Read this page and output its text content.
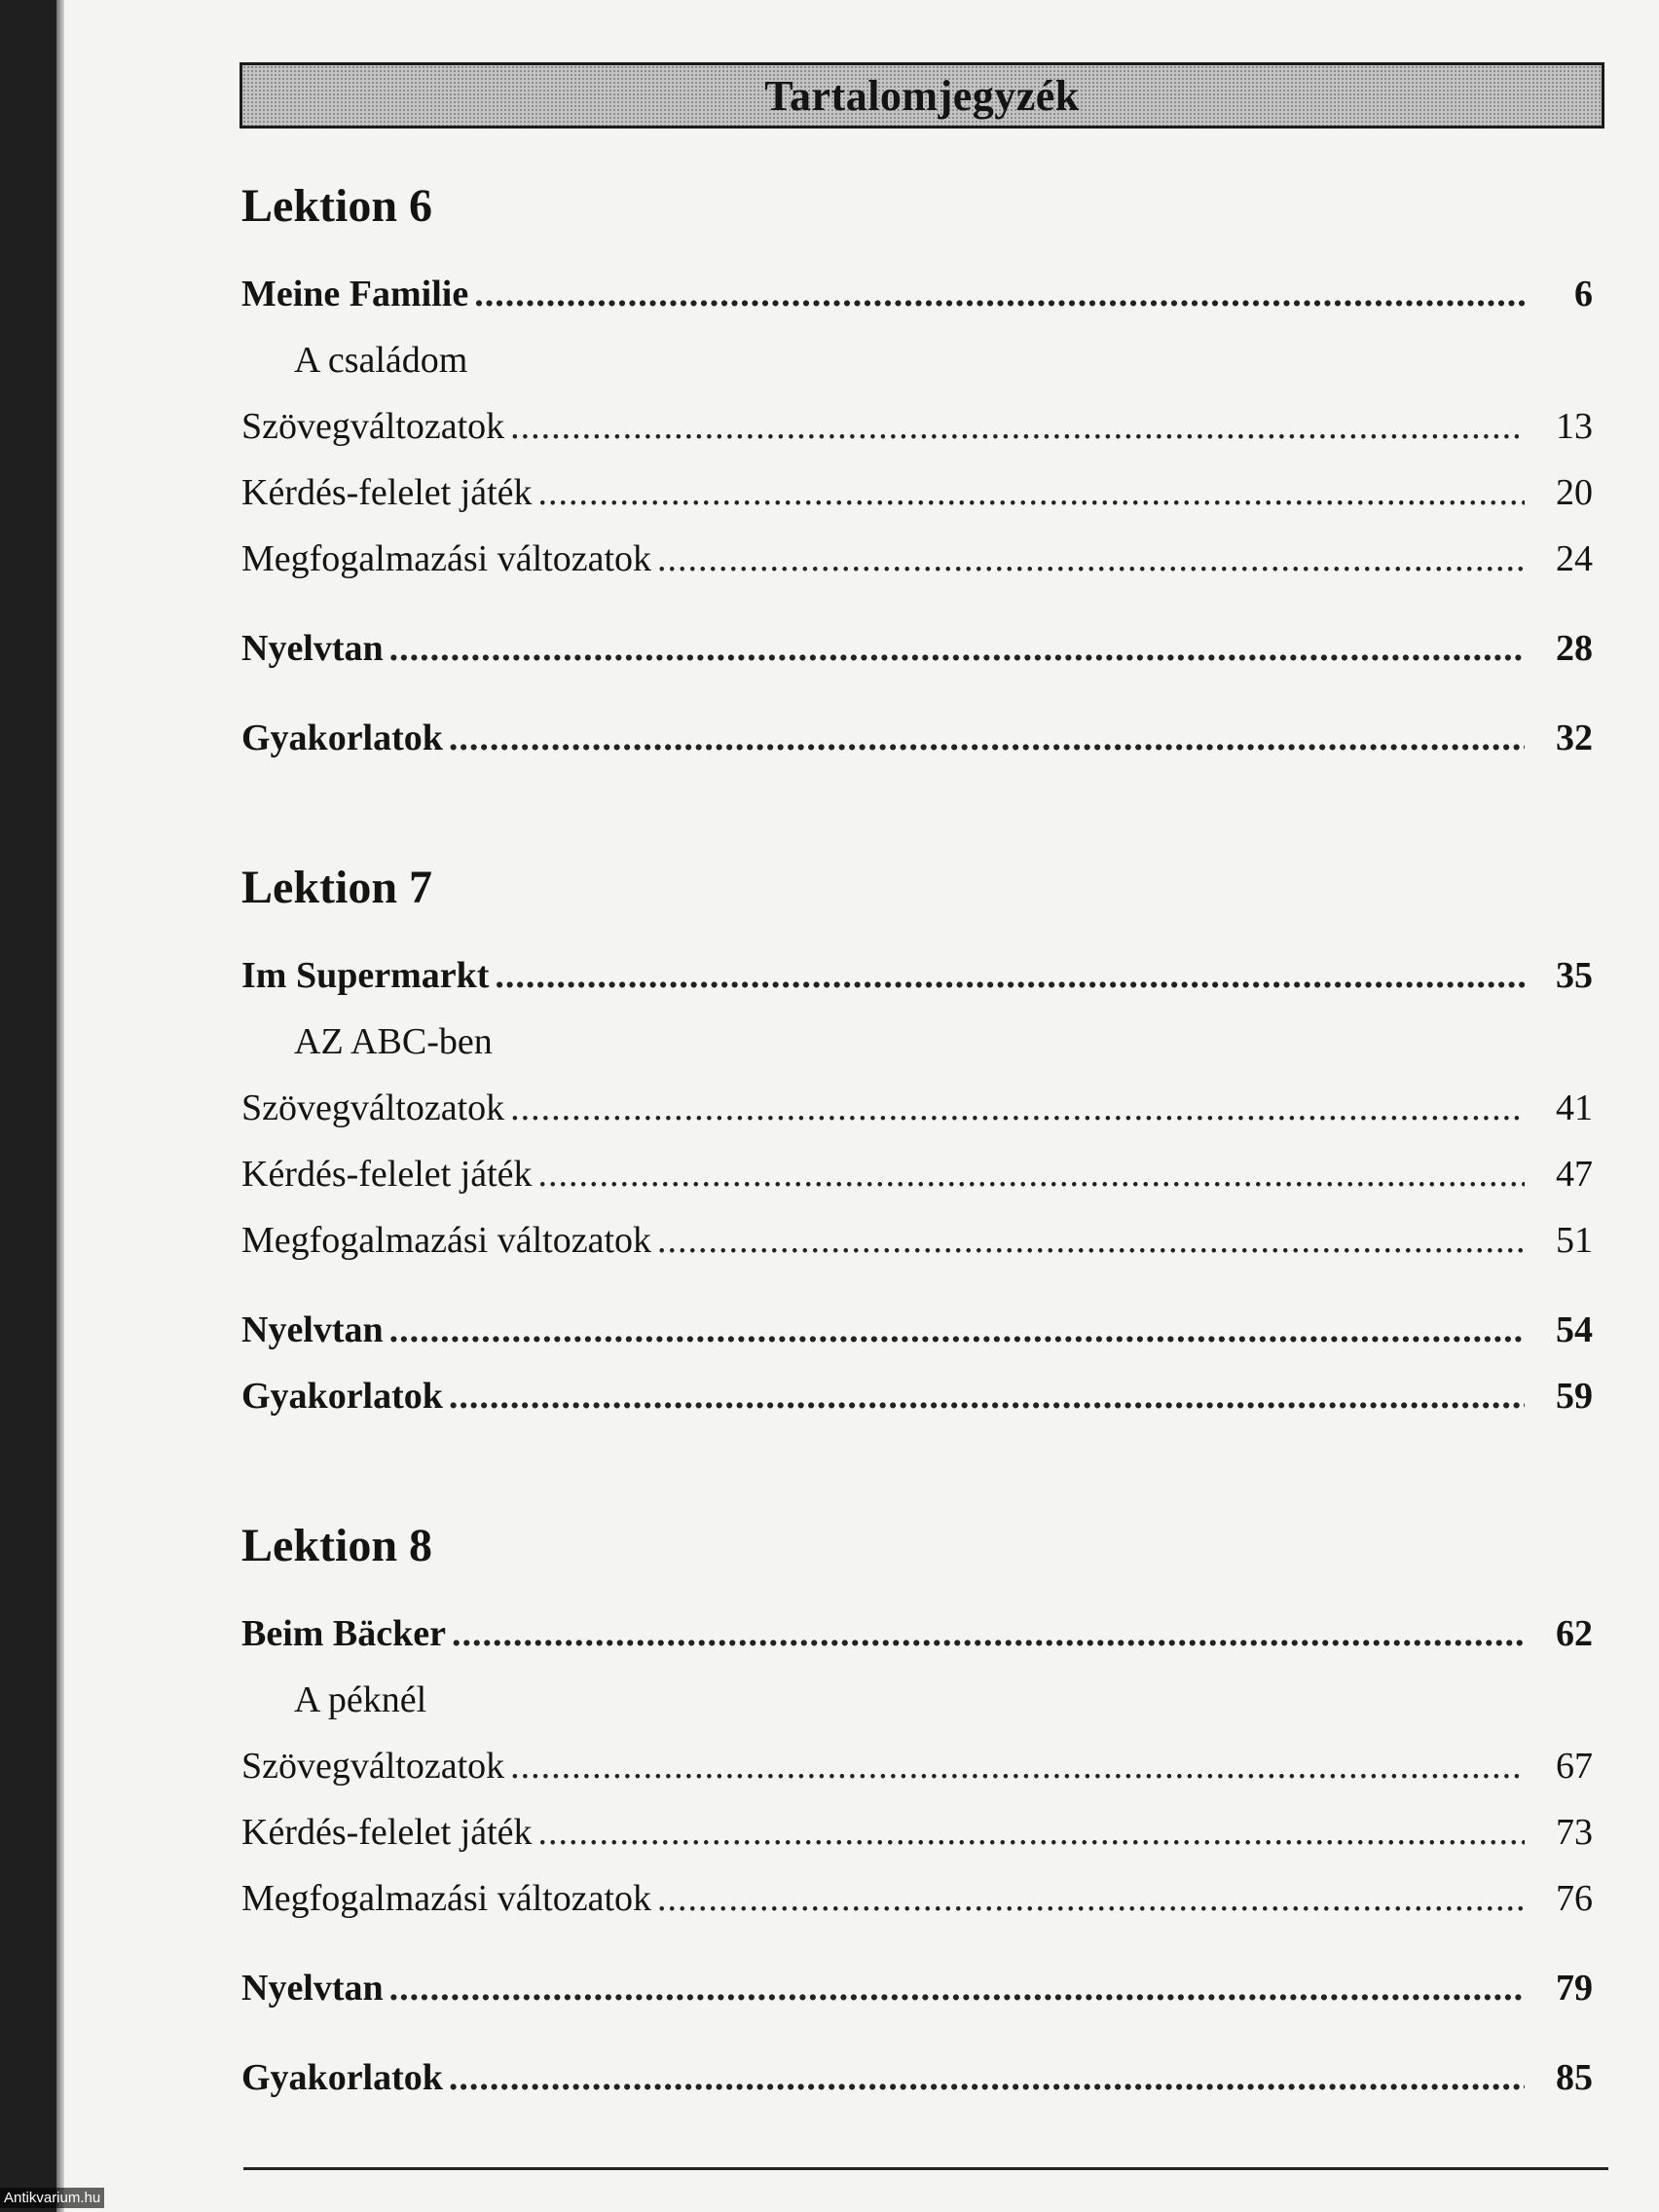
Tartalomjegyzék
Lektion 6
Meine Familie .....	6
A családom
Szövegváltozatok .....	13
Kérdés-felelet játék .....	20
Megfogalmazási változatok .....	24
Nyelvtan .....	28
Gyakorlatok .....	32
Lektion 7
Im Supermarkt .....	35
AZ ABC-ben
Szövegváltozatok .....	41
Kérdés-felelet játék .....	47
Megfogalmazási változatok .....	51
Nyelvtan .....	54
Gyakorlatok .....	59
Lektion 8
Beim Bäcker .....	62
A péknél
Szövegváltozatok .....	67
Kérdés-felelet játék .....	73
Megfogalmazási változatok .....	76
Nyelvtan .....	79
Gyakorlatok .....	85
Antikvarium.hu
